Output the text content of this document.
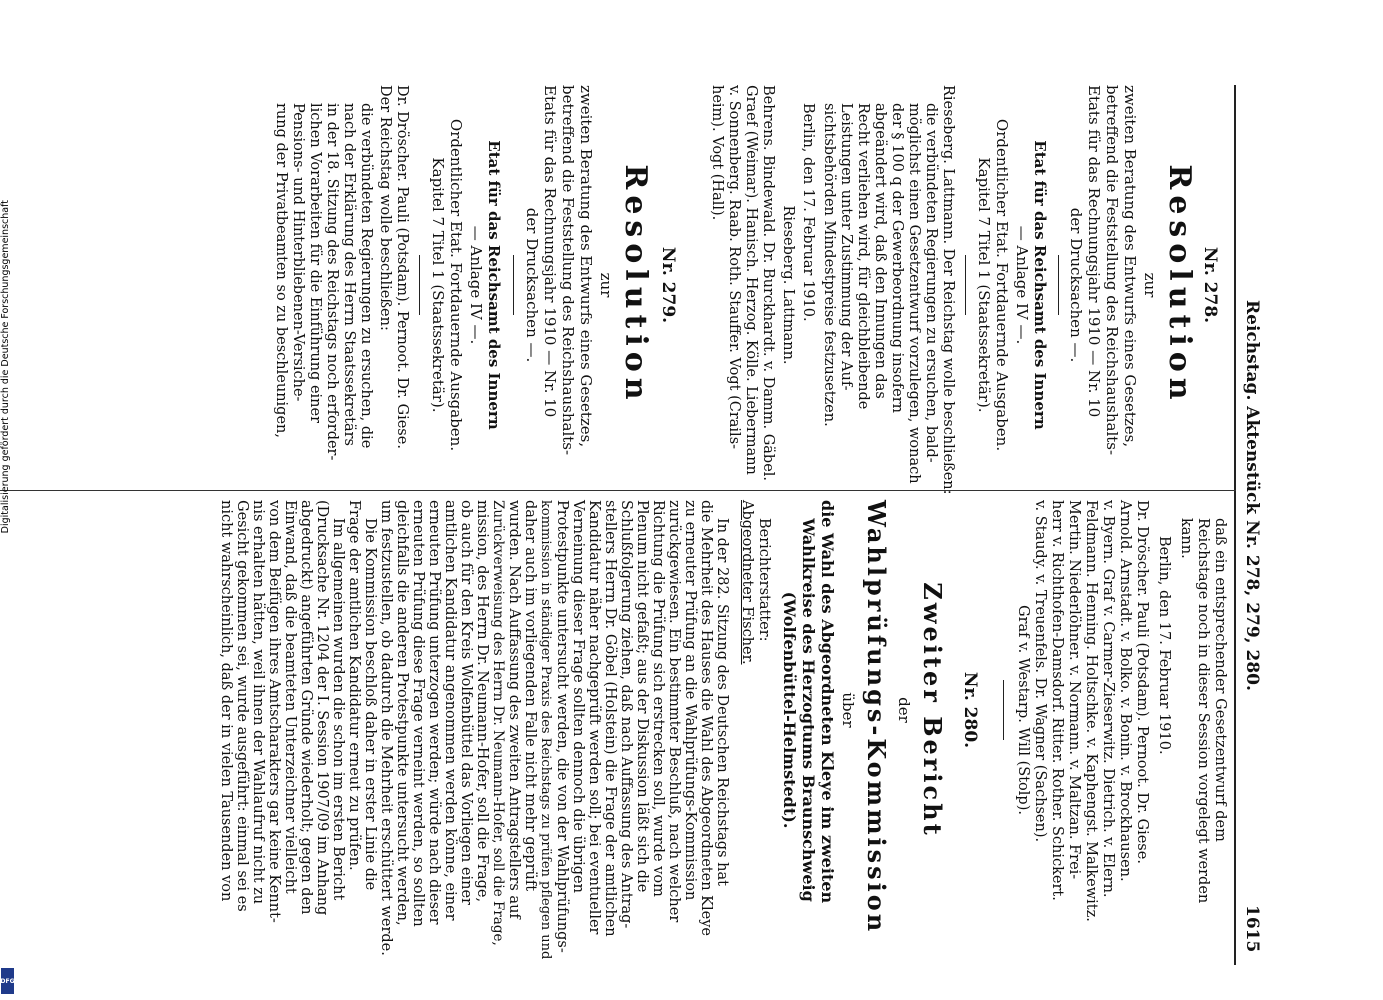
Reichstag. Aktenstück Nr. 278, 279, 280.
1615
Nr. 278.
Resolution
zur
zweiten Beratung des Entwurfs eines Gesetzes,
betreffend die Feststellung des Reichshaushalts-
Etats für das Rechnungsjahr 1910 — Nr. 10
der Drucksachen —.
Etat für das Reichsamt des Innern
— Anlage IV —.
Ordentlicher Etat. Fortdauernde Ausgaben.
Kapitel 7 Titel 1 (Staatssekretär).
Rieseberg. Lattmann. Der Reichstag wolle beschließen:
die verbündeten Regierungen zu ersuchen, bald-
möglichst einen Gesetzentwurf vorzulegen, wonach
der § 100 q der Gewerbeordnung insofern
abgeändert wird, daß den Innungen das
Recht verliehen wird, für gleichbleibende
Leistungen unter Zustimmung der Auf-
sichtsbehörden Mindestpreise festzusetzen.
Berlin, den 17. Februar 1910.
Rieseberg. Lattmann.
Behrens. Bindewald. Dr. Burckhardt. v. Damm. Gäbel.
Graef (Weimar). Hanisch. Herzog. Kölle. Liebermann
v. Sonnenberg. Raab. Roth. Stauffer. Vogt (Crails-
heim). Vogt (Hall).
Nr. 279.
Resolution
zur
zweiten Beratung des Entwurfs eines Gesetzes,
betreffend die Feststellung des Reichshaushalts-
Etats für das Rechnungsjahr 1910 — Nr. 10
der Drucksachen —.
Etat für das Reichsamt des Innern
— Anlage IV —.
Ordentlicher Etat. Fortdauernde Ausgaben.
Kapitel 7 Titel 1 (Staatssekretär).
Dr. Dröscher. Pauli (Potsdam). Pernoot. Dr. Giese.
Der Reichstag wolle beschließen:
die verbündeten Regierungen zu ersuchen, die
nach der Erklärung des Herrn Staatssekretärs
in der 18. Sitzung des Reichstags noch erforder-
lichen Vorarbeiten für die Einführung einer
Pensions- und Hinterbliebenen-Versiche-
rung der Privatbeamten so zu beschleunigen,
daß ein entsprechender Gesetzentwurf dem
Reichstage noch in dieser Session vorgelegt werden
kann.
Berlin, den 17. Februar 1910.
Dr. Dröscher. Pauli (Potsdam). Pernoot. Dr. Giese.
Arnold. Arnstadt. v. Bolko. v. Bonin. v. Brockhausen.
v. Byern. Graf v. Carmer-Zieserwitz. Dietrich. v. Elern.
Feldmann. Henning. Holtschke. v. Kaphengst. Malkewitz.
Mertin. Niederlöhner. v. Normann. v. Maltzan. Frei-
herr v. Richthofen-Damsdorf. Ritter. Rother. Schickert.
v. Staudy. v. Treuenfels. Dr. Wagner (Sachsen).
Graf v. Westarp. Will (Stolp).
Nr. 280.
Zweiter Bericht
der
Wahlprüfungs-Kommission
über
die Wahl des Abgeordneten Kleye im zweiten
Wahlkreise des Herzogtums Braunschweig
(Wolfenbüttel-Helmstedt).
Berichterstatter:
Abgeordneter Fischer.
In der 282. Sitzung des Deutschen Reichstags hat
die Mehrheit des Hauses die Wahl des Abgeordneten Kleye
zu erneuter Prüfung an die Wahlprüfungs-Kommission
zurückgewiesen. Ein bestimmter Beschluß, nach welcher
Richtung die Prüfung sich erstrecken soll, wurde vom
Plenum nicht gefaßt; aus der Diskussion läßt sich die
Schlußfolgerung ziehen, daß nach Auffassung des Antrag-
stellers Herrn Dr. Göbel (Holstein) die Frage der amtlichen
Kandidatur näher nachgeprüft werden soll; bei eventueller
Verneinung dieser Frage sollten dennoch die übrigen
Protestpunkte untersucht werden, die von der Wahlprüfungs-
kommission in ständiger Praxis des Reichstags zu prüfen pflegen und
daher auch im vorliegenden Falle nicht mehr geprüft
wurden. Nach Auffassung des zweiten Antragstellers auf
Zurückverweisung des Herrn Dr. Neumann-Hofer, soll die Frage,
mission, des Herrn Dr. Neumann-Hofer, soll die Frage,
ob auch für den Kreis Wolfenbüttel das Vorliegen einer
amtlichen Kandidatur angenommen werden könne, einer
erneuten Prüfung unterzogen werden; würde nach dieser
erneuten Prüfung diese Frage verneint werden, so sollten
gleichfalls die anderen Protestpunkte untersucht werden,
um festzustellen, ob dadurch die Mehrheit erschüttert werde.
Die Kommission beschloß daher in erster Linie die
Frage der amtlichen Kandidatur erneut zu prüfen.
Im allgemeinen wurden die schon im ersten Bericht
(Drucksache Nr. 1204 der I. Session 1907/09 im Anhang
abgedruckt) angeführten Gründe wiederholt; gegen den
Einwand, daß die beamteten Unterzeichner vielleicht
von dem Beifügen ihres Amtscharakters gar keine Kennt-
nis erhalten hätten, weil ihnen der Wahlaufruf nicht zu
Gesicht gekommen sei, wurde ausgeführt: einmal sei es
nicht wahrscheinlich, daß der in vielen Tausenden von
Digitalisierung gefördert durch die Deutsche Forschungsgemeinschaft
DFG
